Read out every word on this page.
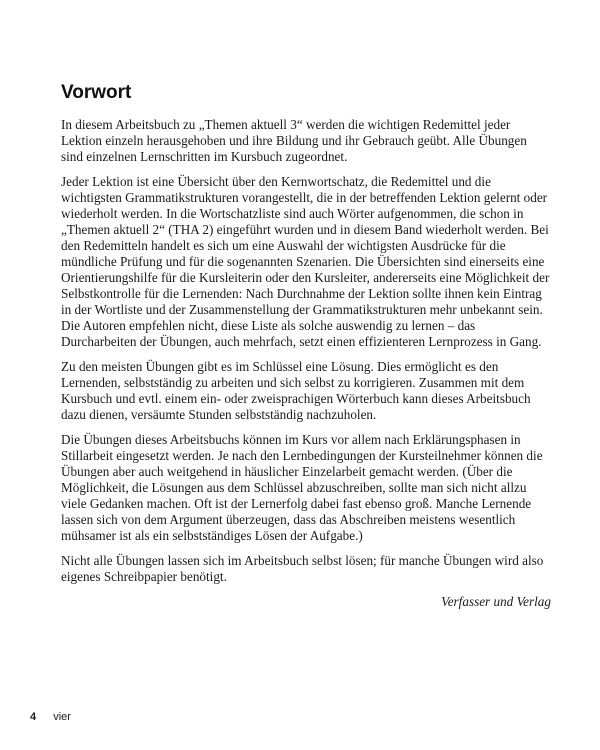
Vorwort

In diesem Arbeitsbuch zu „Themen aktuell 3“ werden die wichtigen Redemittel jeder Lektion einzeln herausgehoben und ihre Bildung und ihr Gebrauch geübt. Alle Übungen sind einzelnen Lernschritten im Kursbuch zugeordnet.

Jeder Lektion ist eine Übersicht über den Kernwortschatz, die Redemittel und die wichtigsten Grammatikstrukturen vorangestellt, die in der betreffenden Lektion gelernt oder wiederholt werden. In die Wortschatzliste sind auch Wörter aufgenommen, die schon in „Themen aktuell 2“ (THA 2) eingeführt wurden und in diesem Band wiederholt werden. Bei den Redemitteln handelt es sich um eine Auswahl der wichtigsten Ausdrücke für die mündliche Prüfung und für die sogenannten Szenarien. Die Übersichten sind einerseits eine Orientierungshilfe für die Kursleiterin oder den Kursleiter, andererseits eine Möglichkeit der Selbstkontrolle für die Lernenden: Nach Durchnahme der Lektion sollte ihnen kein Eintrag in der Wortliste und der Zusammenstellung der Grammatikstrukturen mehr unbekannt sein. Die Autoren empfehlen nicht, diese Liste als solche auswendig zu lernen – das Durcharbeiten der Übungen, auch mehrfach, setzt einen effizienteren Lernprozess in Gang.

Zu den meisten Übungen gibt es im Schlüssel eine Lösung. Dies ermöglicht es den Lernenden, selbstständig zu arbeiten und sich selbst zu korrigieren. Zusammen mit dem Kursbuch und evtl. einem ein- oder zweisprachigen Wörterbuch kann dieses Arbeitsbuch dazu dienen, versäumte Stunden selbstständig nachzuholen.

Die Übungen dieses Arbeitsbuchs können im Kurs vor allem nach Erklärungsphasen in Stillarbeit eingesetzt werden. Je nach den Lernbedingungen der Kursteilnehmer können die Übungen aber auch weitgehend in häuslicher Einzelarbeit gemacht werden. (Über die Möglichkeit, die Lösungen aus dem Schlüssel abzuschreiben, sollte man sich nicht allzu viele Gedanken machen. Oft ist der Lernerfolg dabei fast ebenso groß. Manche Lernende lassen sich von dem Argument überzeugen, dass das Abschreiben meistens wesentlich mühsamer ist als ein selbstständiges Lösen der Aufgabe.)

Nicht alle Übungen lassen sich im Arbeitsbuch selbst lösen; für manche Übungen wird also eigenes Schreibpapier benötigt.

Verfasser und Verlag
4 vier
